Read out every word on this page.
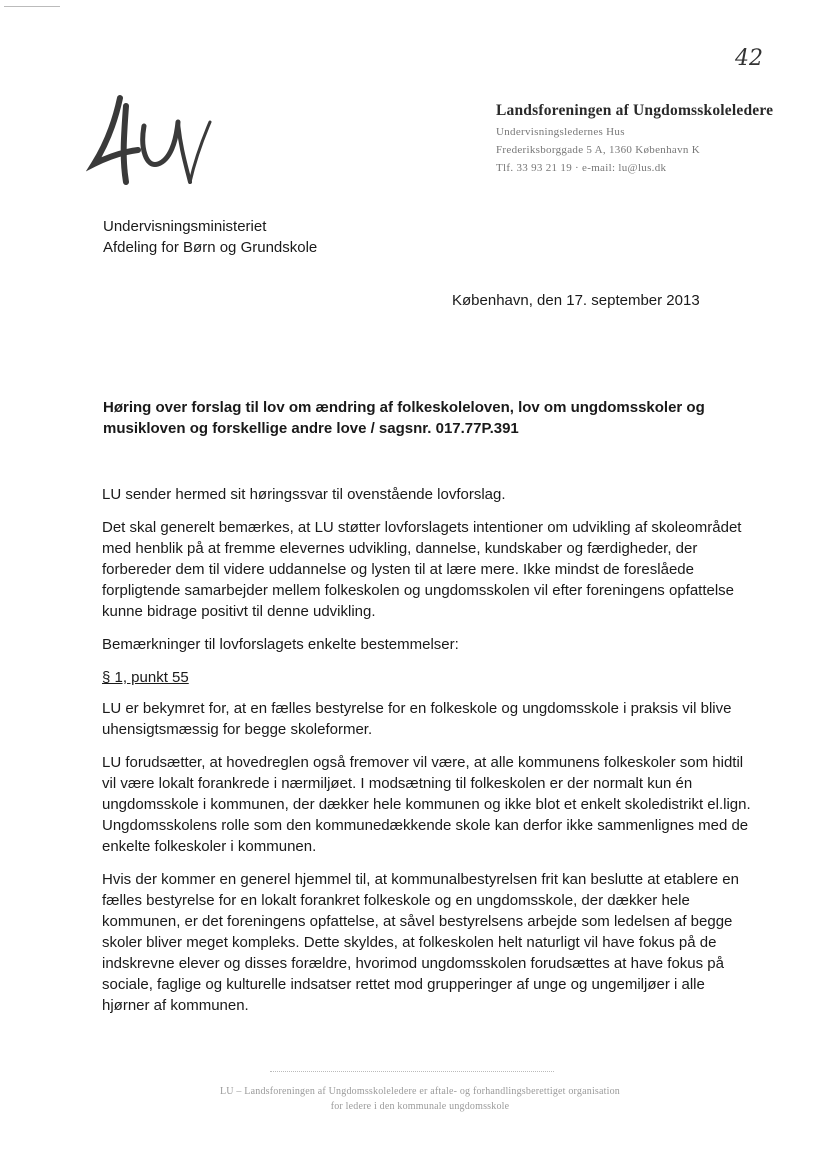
42
Landsforeningen af Ungdomsskoleledere
Undervisningsledernes Hus
Frederiksborggade 5 A, 1360 København K
Tlf. 33 93 21 19 · e-mail: lu@lus.dk
Undervisningsministeriet
Afdeling for Børn og Grundskole
København, den 17. september 2013
Høring over forslag til lov om ændring af folkeskoleloven, lov om ungdomsskoler og musikloven og forskellige andre love / sagsnr. 017.77P.391

LU sender hermed sit høringssvar til ovenstående lovforslag.

Det skal generelt bemærkes, at LU støtter lovforslagets intentioner om udvikling af skoleområdet med henblik på at fremme elevernes udvikling, dannelse, kundskaber og færdigheder, der forbereder dem til videre uddannelse og lysten til at lære mere. Ikke mindst de foreslåede forpligtende samarbejder mellem folkeskolen og ungdomsskolen vil efter foreningens opfattelse kunne bidrage positivt til denne udvikling.

Bemærkninger til lovforslagets enkelte bestemmelser:

§ 1, punkt 55

LU er bekymret for, at en fælles bestyrelse for en folkeskole og ungdomsskole i praksis vil blive uhensigtsmæssig for begge skoleformer.

LU forudsætter, at hovedreglen også fremover vil være, at alle kommunens folkeskoler som hidtil vil være lokalt forankrede i nærmiljøet. I modsætning til folkeskolen er der normalt kun én ungdomsskole i kommunen, der dækker hele kommunen og ikke blot et enkelt skoledistrikt el.lign. Ungdomsskolens rolle som den kommunedækkende skole kan derfor ikke sammenlignes med de enkelte folkeskoler i kommunen.

Hvis der kommer en generel hjemmel til, at kommunalbestyrelsen frit kan beslutte at etablere en fælles bestyrelse for en lokalt forankret folkeskole og en ungdomsskole, der dækker hele kommunen, er det foreningens opfattelse, at såvel bestyrelsens arbejde som ledelsen af begge skoler bliver meget kompleks. Dette skyldes, at folkeskolen helt naturligt vil have fokus på de indskrevne elever og disses forældre, hvorimod ungdomsskolen forudsættes at have fokus på sociale, faglige og kulturelle indsatser rettet mod grupperinger af unge og ungemiljøer i alle hjørner af kommunen.

LU – Landsforeningen af Ungdomsskoleledere er aftale- og forhandlingsberettiget organisation
for ledere i den kommunale ungdomsskole
